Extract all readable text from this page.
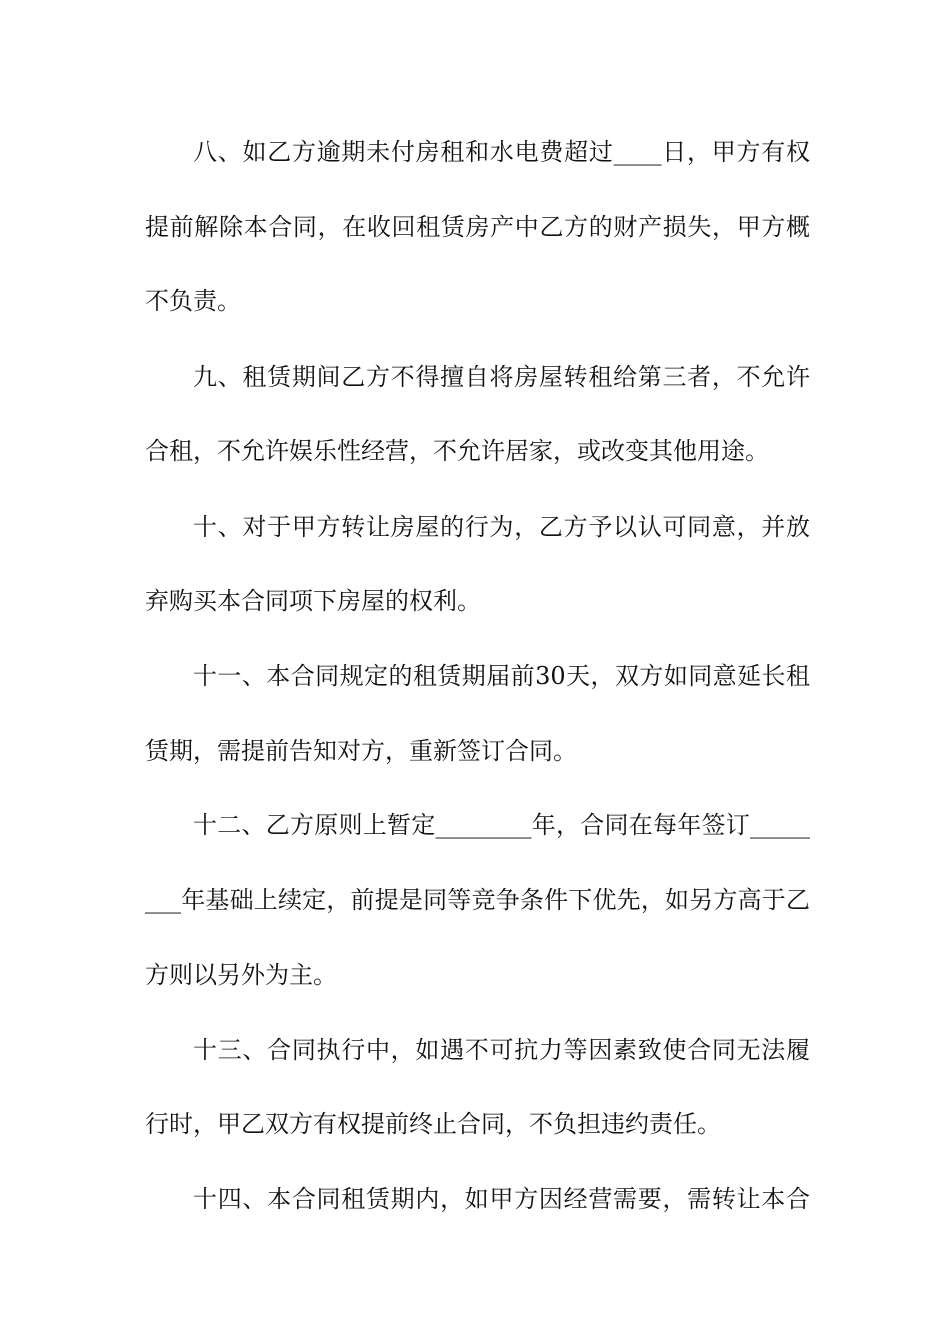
八、如乙方逾期未付房租和水电费超过____日，甲方有权
提前解除本合同，在收回租赁房产中乙方的财产损失，甲方概
不负责。
九、租赁期间乙方不得擅自将房屋转租给第三者，不允许
合租，不允许娱乐性经营，不允许居家，或改变其他用途。
十、对于甲方转让房屋的行为，乙方予以认可同意，并放
弃购买本合同项下房屋的权利。
十一、本合同规定的租赁期届前30天，双方如同意延长租
赁期，需提前告知对方，重新签订合同。
十二、乙方原则上暂定________年，合同在每年签订_____
___年基础上续定，前提是同等竞争条件下优先，如另方高于乙
方则以另外为主。
十三、合同执行中，如遇不可抗力等因素致使合同无法履
行时，甲乙双方有权提前终止合同，不负担违约责任。
十四、本合同租赁期内，如甲方因经营需要，需转让本合
